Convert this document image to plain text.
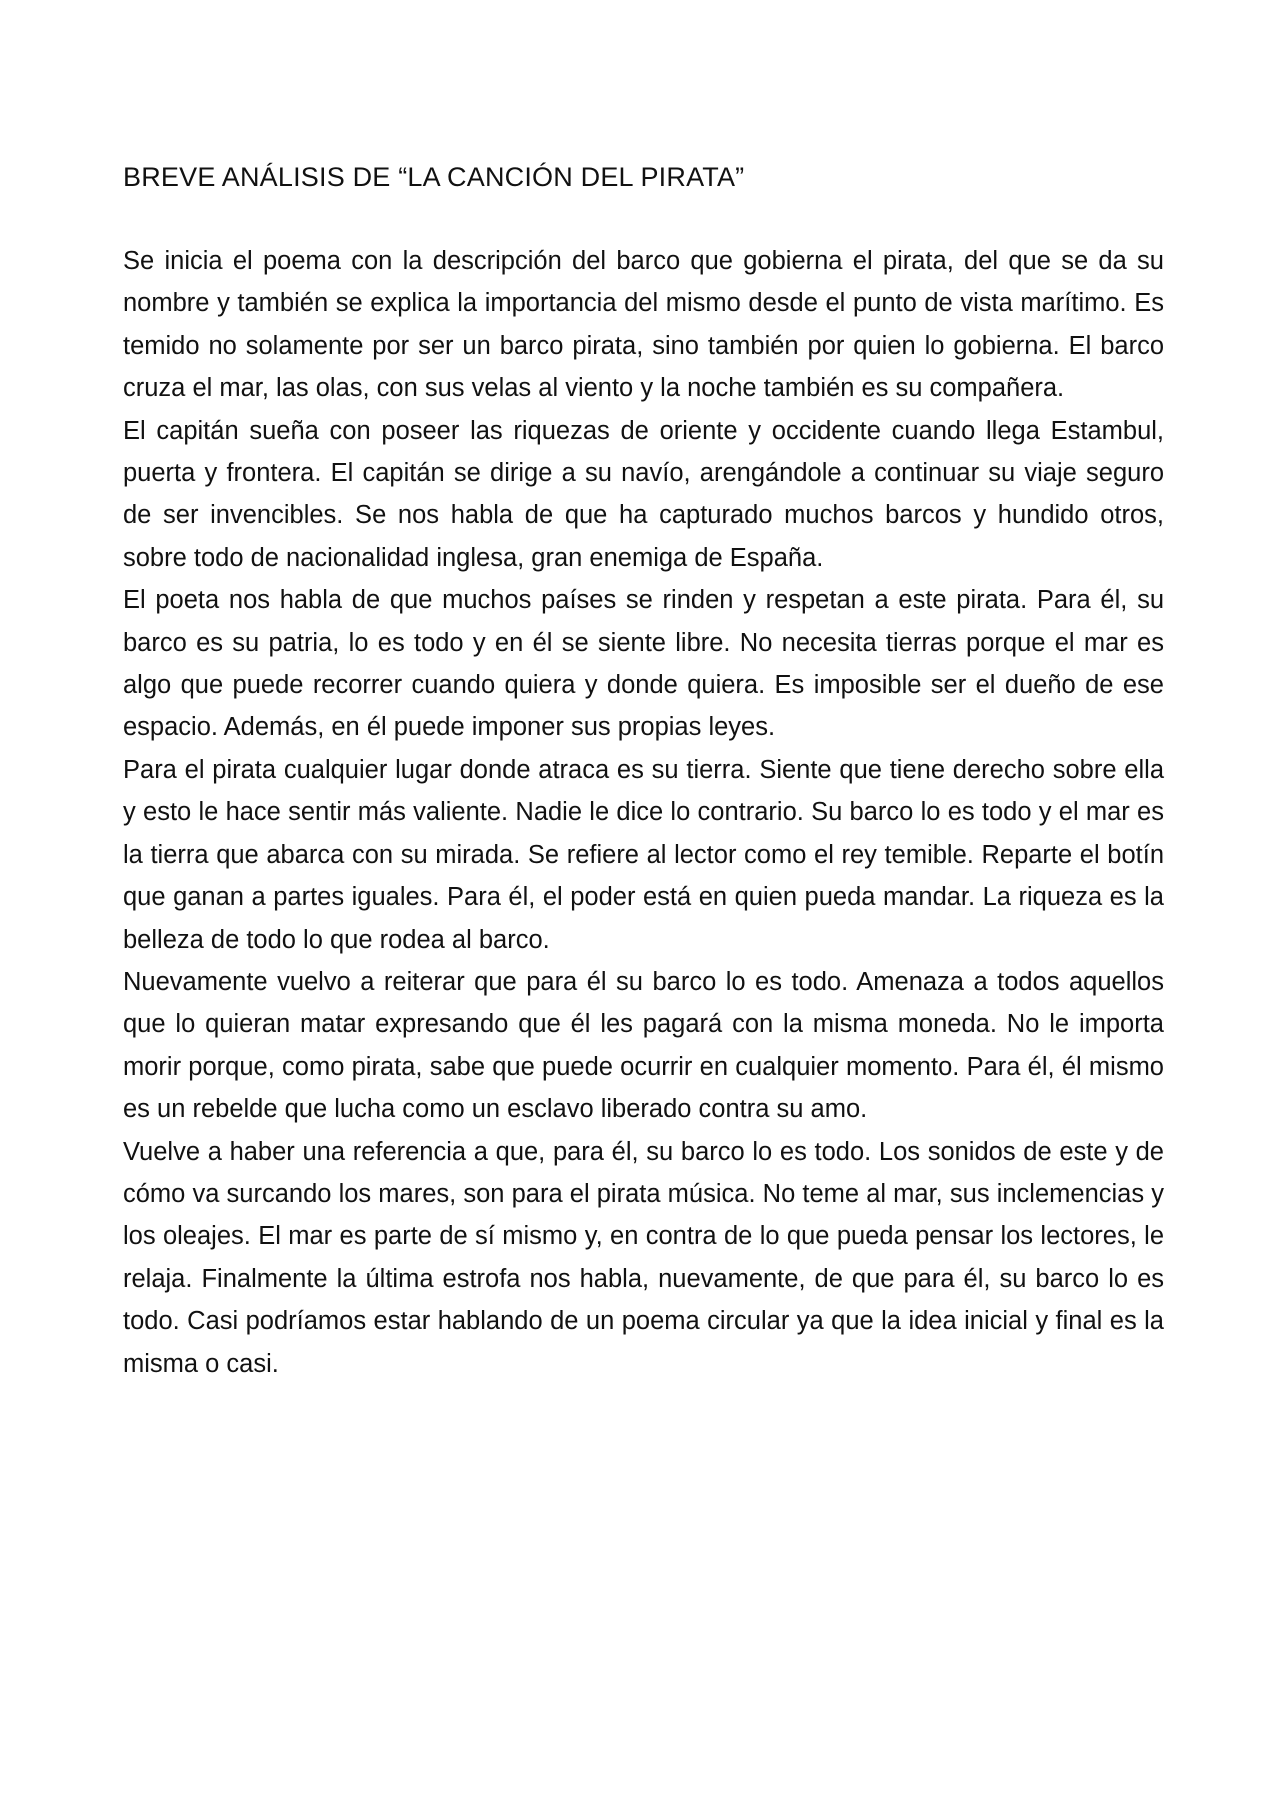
BREVE ANÁLISIS DE “LA CANCIÓN DEL PIRATA”

Se inicia el poema con la descripción del barco que gobierna el pirata, del que se da su nombre y también se explica la importancia del mismo desde el punto de vista marítimo. Es temido no solamente por ser un barco pirata, sino también por quien lo gobierna. El barco cruza el mar, las olas, con sus velas al viento y la noche también es su compañera.

El capitán sueña con poseer las riquezas de oriente y occidente cuando llega Estambul, puerta y frontera. El capitán se dirige a su navío, arengándole a continuar su viaje seguro de ser invencibles. Se nos habla de que ha capturado muchos barcos y hundido otros, sobre todo de nacionalidad inglesa, gran enemiga de España.

El poeta nos habla de que muchos países se rinden y respetan a este pirata. Para él, su barco es su patria, lo es todo y en él se siente libre. No necesita tierras porque el mar es algo que puede recorrer cuando quiera y donde quiera. Es imposible ser el dueño de ese espacio. Además, en él puede imponer sus propias leyes.

Para el pirata cualquier lugar donde atraca es su tierra. Siente que tiene derecho sobre ella y esto le hace sentir más valiente. Nadie le dice lo contrario. Su barco lo es todo y el mar es la tierra que abarca con su mirada. Se refiere al lector como el rey temible. Reparte el botín que ganan a partes iguales. Para él, el poder está en quien pueda mandar. La riqueza es la belleza de todo lo que rodea al barco.

Nuevamente vuelvo a reiterar que para él su barco lo es todo. Amenaza a todos aquellos que lo quieran matar expresando que él les pagará con la misma moneda. No le importa morir porque, como pirata, sabe que puede ocurrir en cualquier momento. Para él, él mismo es un rebelde que lucha como un esclavo liberado contra su amo.

Vuelve a haber una referencia a que, para él, su barco lo es todo. Los sonidos de este y de cómo va surcando los mares, son para el pirata música. No teme al mar, sus inclemencias y los oleajes. El mar es parte de sí mismo y, en contra de lo que pueda pensar los lectores, le relaja. Finalmente la última estrofa nos habla, nuevamente, de que para él, su barco lo es todo. Casi podríamos estar hablando de un poema circular ya que la idea inicial y final es la misma o casi.
